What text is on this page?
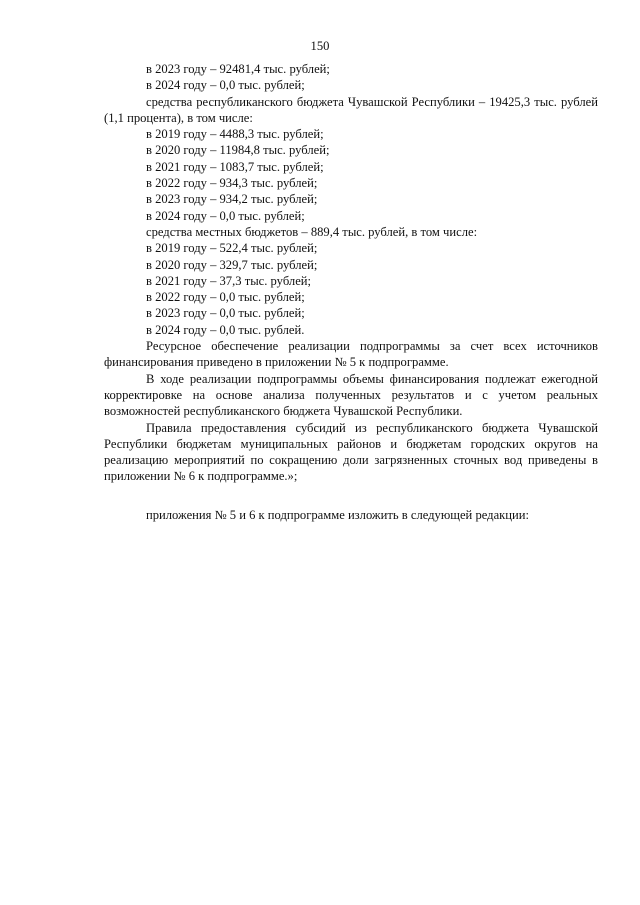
150
в 2023 году – 92481,4 тыс. рублей;
в 2024 году – 0,0 тыс. рублей;
средства республиканского бюджета Чувашской Республики – 19425,3 тыс. рублей (1,1 процента), в том числе:
в 2019 году – 4488,3 тыс. рублей;
в 2020 году – 11984,8 тыс. рублей;
в 2021 году – 1083,7 тыс. рублей;
в 2022 году – 934,3 тыс. рублей;
в 2023 году – 934,2 тыс. рублей;
в 2024 году – 0,0 тыс. рублей;
средства местных бюджетов – 889,4 тыс. рублей, в том числе:
в 2019 году – 522,4 тыс. рублей;
в 2020 году – 329,7 тыс. рублей;
в 2021 году – 37,3 тыс. рублей;
в 2022 году – 0,0 тыс. рублей;
в 2023 году – 0,0 тыс. рублей;
в 2024 году – 0,0 тыс. рублей.
Ресурсное обеспечение реализации подпрограммы за счет всех источников финансирования приведено в приложении № 5 к подпрограмме.
В ходе реализации подпрограммы объемы финансирования подлежат ежегодной корректировке на основе анализа полученных результатов и с учетом реальных возможностей республиканского бюджета Чувашской Республики.
Правила предоставления субсидий из республиканского бюджета Чувашской Республики бюджетам муниципальных районов и бюджетам городских округов на реализацию мероприятий по сокращению доли загрязненных сточных вод приведены в приложении № 6 к подпрограмме.»;
приложения № 5 и 6 к подпрограмме изложить в следующей редакции:
